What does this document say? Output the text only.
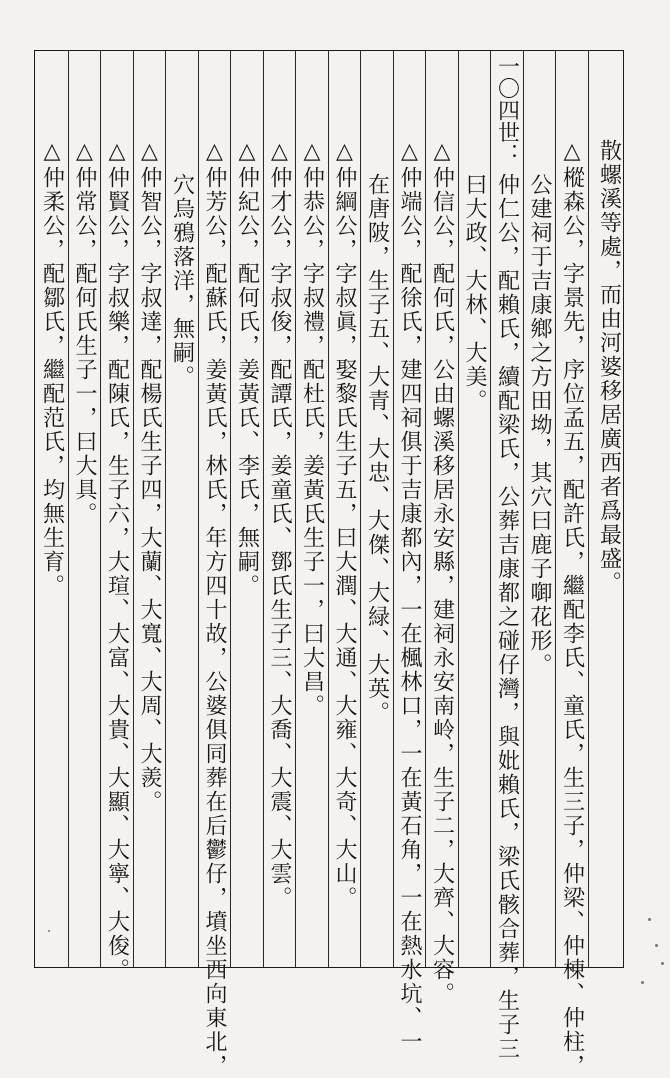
散螺溪等處，而由河婆移居廣西者爲最盛。
△樅森公，字景先，序位孟五，配許氏，繼配李氏、童氏，生三子，仲梁、仲棟、仲柱，
公建祠于吉康鄉之方田坳，其穴曰鹿子啣花形。
仲仁公，配賴氏，續配梁氏，公葬吉康都之碰仔灣，與妣賴氏，梁氏骸合葬，生子三
曰大政、大林、大美。
△仲信公，配何氏，公由螺溪移居永安縣，建祠永安南岭，生子二，大齊、大容。
△仲端公，配徐氏，建四祠俱于吉康都內，一在楓林口，一在黃石角，一在熱水坑、一
在唐陂，生子五、大青、大忠、大傑、大緑、大英。
△仲綱公，字叔眞，娶黎氏生子五，曰大潤、大通、大雍、大奇、大山。
△仲恭公，字叔禮，配杜氏，姜黃氏生子一，曰大昌。
△仲才公，字叔俊，配譚氏，姜童氏、鄧氏生子三、大喬、大震、大雲。
△仲紀公，配何氏，姜黃氏、李氏，無嗣。
△仲芳公，配蘇氏，姜黃氏，林氏，年方四十故，公婆俱同葬在后鬱仔，墳坐西向東北，
穴烏鴉落洋，無嗣。
△仲智公，字叔達，配楊氏生子四，大蘭、大寬、大周、大羨。
△仲賢公，字叔樂，配陳氏，生子六，大瑄、大富、大貴、大顯、大寧、大俊。
△仲常公，配何氏生子一，曰大具。
△仲柔公，配鄒氏，繼配范氏，均無生育。
一〇四世：
